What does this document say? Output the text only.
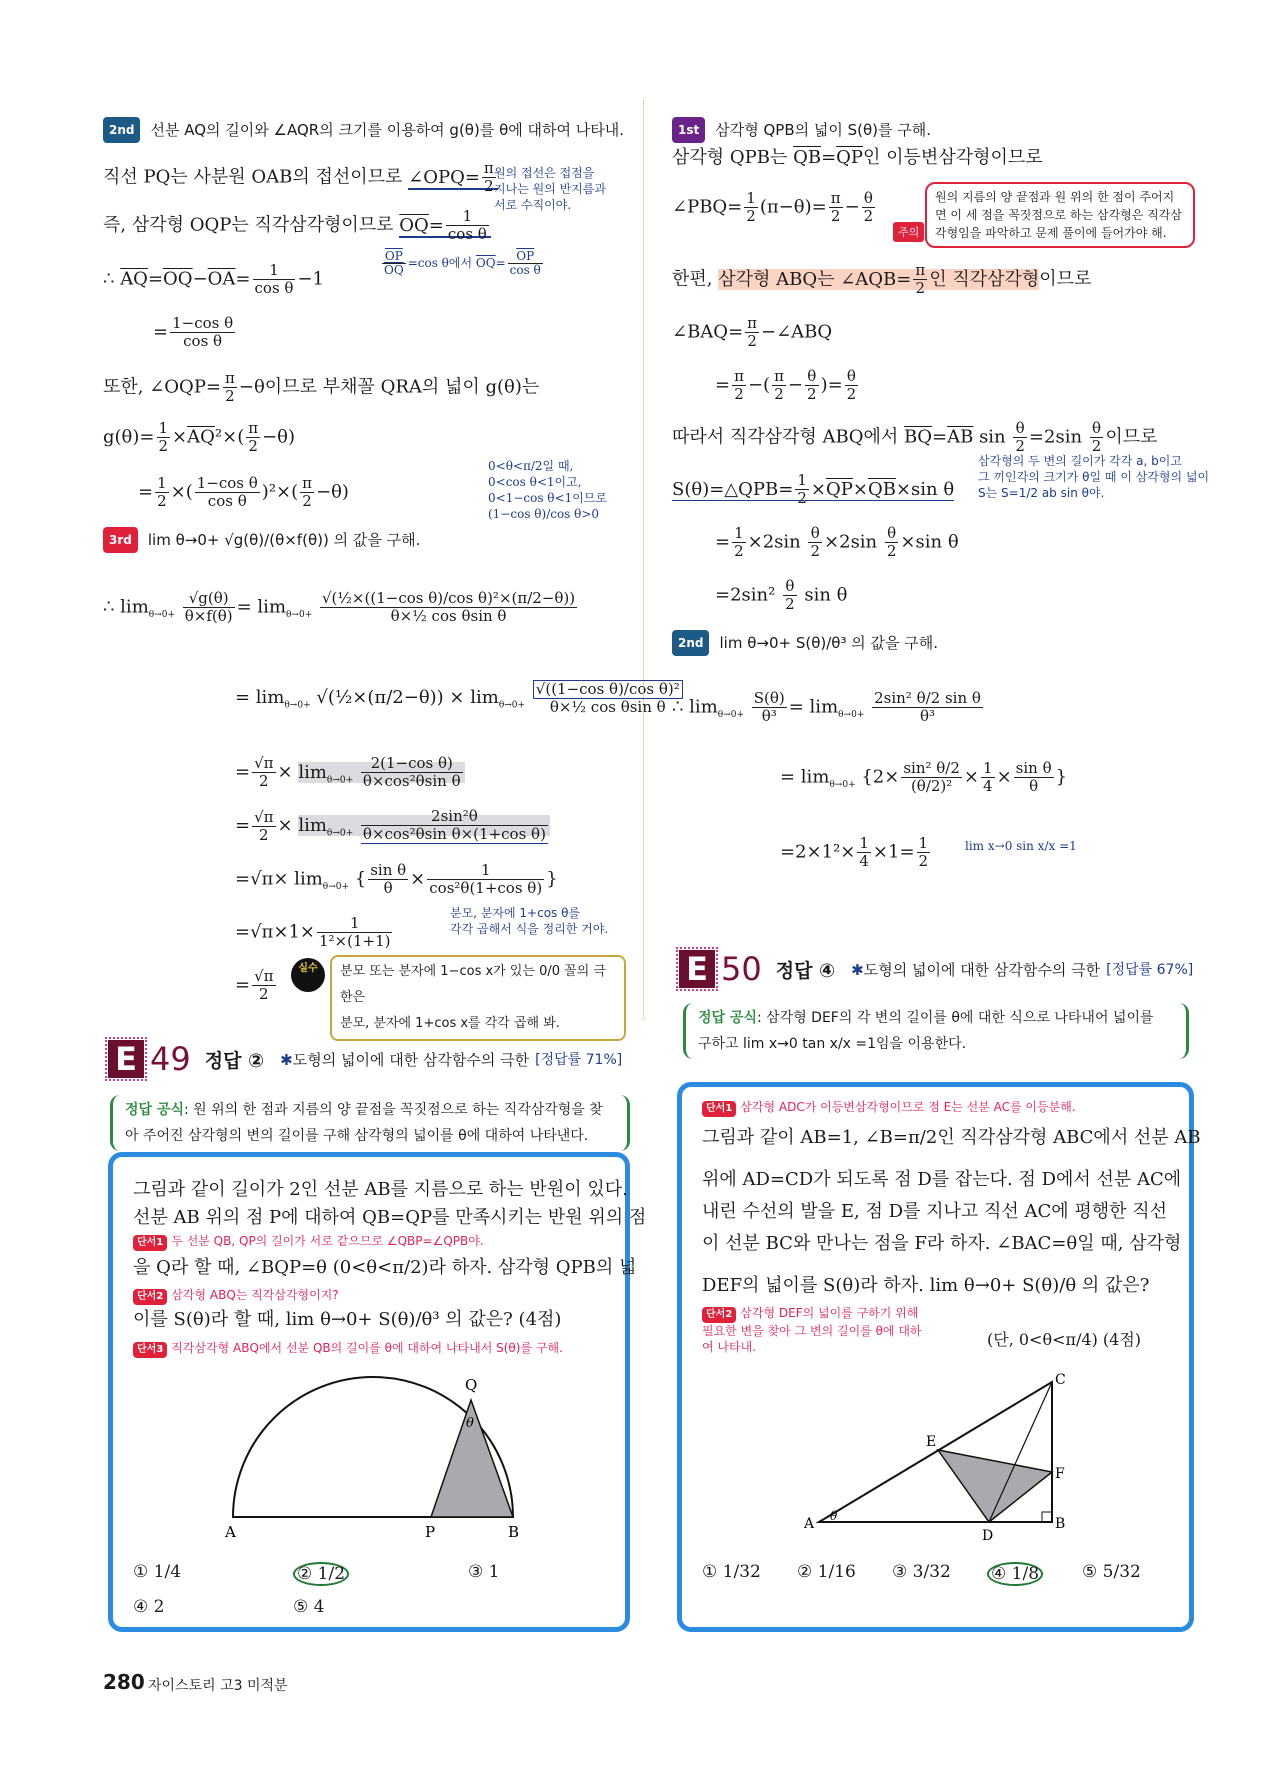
2nd 선분 AQ의 길이와 ∠AQR의 크기를 이용하여 g(θ)를 θ에 대하여 나타내.
직선 PQ는 사분원 OAB의 접선이므로 ∠OPQ= $\frac{\pi}{2}$
원의 접선은 접점을
지나는 원의 반지름과
서로 수직이야.
즉, 삼각형 OQP는 직각삼각형이므로 $\overline{OQ}= \frac{1}{\text{cos θ}}$
$\frac{\overline{OP}}{OQ} =\cos$ θ에서 $\overline{OQ}= \frac{\overline{OP}}{\text{cos θ}}$
∴ $\overline{AQ}=\overline{OQ}-\overline{OA}= \frac{1}{\text{cos θ}} -1$
= $\frac{\text{1−cos θ}}{\text{cos θ}}$
또한, ∠OQP= $\frac{\pi}{2} -\theta$이므로 부채꼴 QRA의 넓이 g(θ)는
$g(\theta)= \frac{1}{2} \times\overline{AQ}^2\times( \frac{\pi}{2} -\theta)$
= $\frac{1}{2}$ ×( $\frac{\text{1−cos θ}}{\text{cos θ}} )^2\times( \frac{\pi}{2} -\theta)$
0<θ<π/2일 때,
0<cos θ<1이고,
0<1−cos θ<1이므로
(1−cos θ)/cos θ>0
3rd lim θ→0+ √g(θ)/(θ×f(θ)) 의 값을 구해.
∴ $\lim_{\theta\to 0+} \frac{√g(\theta)}{\theta\times f(\theta)} = \lim_{\theta\to 0+} \frac{\text{√(½×((1−cos θ)/cos θ)²×(π/2−θ))}}{\text{θ×½ cos θsin θ}}$
= $\lim_{\theta\to 0+}$ √(½×(π/2−θ)) × $\lim_{\theta\to 0+} \frac{\text{√((1−cos θ)/cos θ)²}}{\text{θ×½ cos θsin θ}}$
= $\frac{√\pi}{2} \times \lim_{\theta\to 0+} \frac{\text{2(1−cos θ)}}{\text{θ×cos²θsin θ}}$
= $\frac{√\pi}{2} \times \lim_{\theta\to 0+} \frac{\text{2sin²θ}}{\text{θ×cos²θsin θ×(1+cos θ)}}$
$=√\pi\times \lim_{\theta\to 0+}$ { $\frac{\text{sin θ}}{\theta} \times \frac{1}{\text{cos²θ(1+cos θ)}}$ }
$=√\pi\times 1\times \frac{1}{\text{1²×(1+1)}}$
분모, 분자에 1+cos θ를
각각 곱해서 식을 정리한 거야.
= $\frac{√\pi}{2}$	실수	분모 또는 분자에 1−cos x가 있는 0/0 꼴의 극한은
분모, 분자에 1+cos x를 각각 곱해 봐.
E 49 정답 ② ✱도형의 넓이에 대한 삼각함수의 극한 [정답률 71%]
정답 공식: 원 위의 한 점과 지름의 양 끝점을 꼭짓점으로 하는 직각삼각형을 찾
아 주어진 삼각형의 변의 길이를 구해 삼각형의 넓이를 θ에 대하여 나타낸다.
그림과 같이 길이가 2인 선분 AB를 지름으로 하는 반원이 있다.
선분 AB 위의 점 P에 대하여 QB=QP를 만족시키는 반원 위의 점
단서1 두 선분 QB, QP의 길이가 서로 같으므로 ∠QBP=∠QPB야.
을 Q라 할 때, ∠BQP=θ (0<θ<π/2)라 하자. 삼각형 QPB의 넓
단서2 삼각형 ABQ는 직각삼각형이지?
이를 S(θ)라 할 때, lim θ→0+ S(θ)/θ³ 의 값은? (4점)
단서3 직각삼각형 ABQ에서 선분 QB의 길이를 θ에 대하여 나타내서 S(θ)를 구해.
A	P	B
Q
θ
① 1/4	② 1/2	③ 1
④ 2	⑤ 4
1st 삼각형 QPB의 넓이 S(θ)를 구해.
삼각형 QPB는 $\overline{QB}=\overline{QP}$인 이등변삼각형이므로
∠PBQ= $\frac{1}{2} (\pi-\theta)= \frac{\pi}{2} - \frac{\theta}{2}$
주의
원의 지름의 양 끝점과 원 위의 한 점이 주어지면 이 세 점을 꼭짓점으로 하는 삼각형은 직각삼각형임을 파악하고 문제 풀이에 들어가야 해.
한편, 삼각형 ABQ는 ∠AQB= $\frac{\pi}{2}$ 인 직각삼각형이므로
∠BAQ= $\frac{\pi}{2}$ −∠ABQ
= $\frac{\pi}{2}$ −( $\frac{\pi}{2} - \frac{\theta}{2}$ )= $\frac{\theta}{2}$
따라서 직각삼각형 ABQ에서 $\overline{BQ}=\overline{AB}$ $\sin \frac{\theta}{2} =2\sin \frac{\theta}{2}$ 이므로
S(θ)=△QPB= $\frac{1}{2} \times\overline{QP}\times\overline{QB}\times\sin$ θ
삼각형의 두 변의 길이가 각각 a, b이고
그 끼인각의 크기가 θ일 때 이 삼각형의 넓이
S는 S=1/2 ab sin θ야.
= $\frac{1}{2} \times 2\sin \frac{\theta}{2} \times 2\sin \frac{\theta}{2} \times\sin$ θ
$=2\sin^2 \frac{\theta}{2}$ sin θ
2nd lim θ→0+ S(θ)/θ³ 의 값을 구해.
∴ $\lim_{\theta\to 0+} \frac{S(\theta)}{\text{θ³}} = \lim_{\theta\to 0+} \frac{\text{2sin² θ/2 sin θ}}{\text{θ³}}$
= $\lim_{\theta\to 0+} \{2\times \frac{\text{sin² θ/2}}{\text{(θ/2)²}} \times \frac{1}{4} \times \frac{\text{sin θ}}{\theta}$ }
$=2\times 1^2\times \frac{1}{4} \times 1= \frac{1}{2}$	lim x→0 sin x/x =1
E 50 정답 ④ ✱도형의 넓이에 대한 삼각함수의 극한 [정답률 67%]
정답 공식: 삼각형 DEF의 각 변의 길이를 θ에 대한 식으로 나타내어 넓이를
구하고 lim x→0 tan x/x =1임을 이용한다.
단서1 삼각형 ADC가 이등변삼각형이므로 점 E는 선분 AC를 이등분해.
그림과 같이 AB=1, ∠B=π/2인 직각삼각형 ABC에서 선분 AB
위에 AD=CD가 되도록 점 D를 잡는다. 점 D에서 선분 AC에
내린 수선의 발을 E, 점 D를 지나고 직선 AC에 평행한 직선
이 선분 BC와 만나는 점을 F라 하자. ∠BAC=θ일 때, 삼각형
DEF의 넓이를 S(θ)라 하자. lim θ→0+ S(θ)/θ 의 값은?
단서2 삼각형 DEF의 넓이를 구하기 위해 필요한 변을 찾아 그 변의 길이를 θ에 대하여 나타내.	(단, 0<θ<π/4) (4점)
A	B
C
D
E
F
θ
① 1/32 ② 1/16 ③ 3/32 ④ 1/8	⑤ 5/32
280 자이스토리 고3 미적분
